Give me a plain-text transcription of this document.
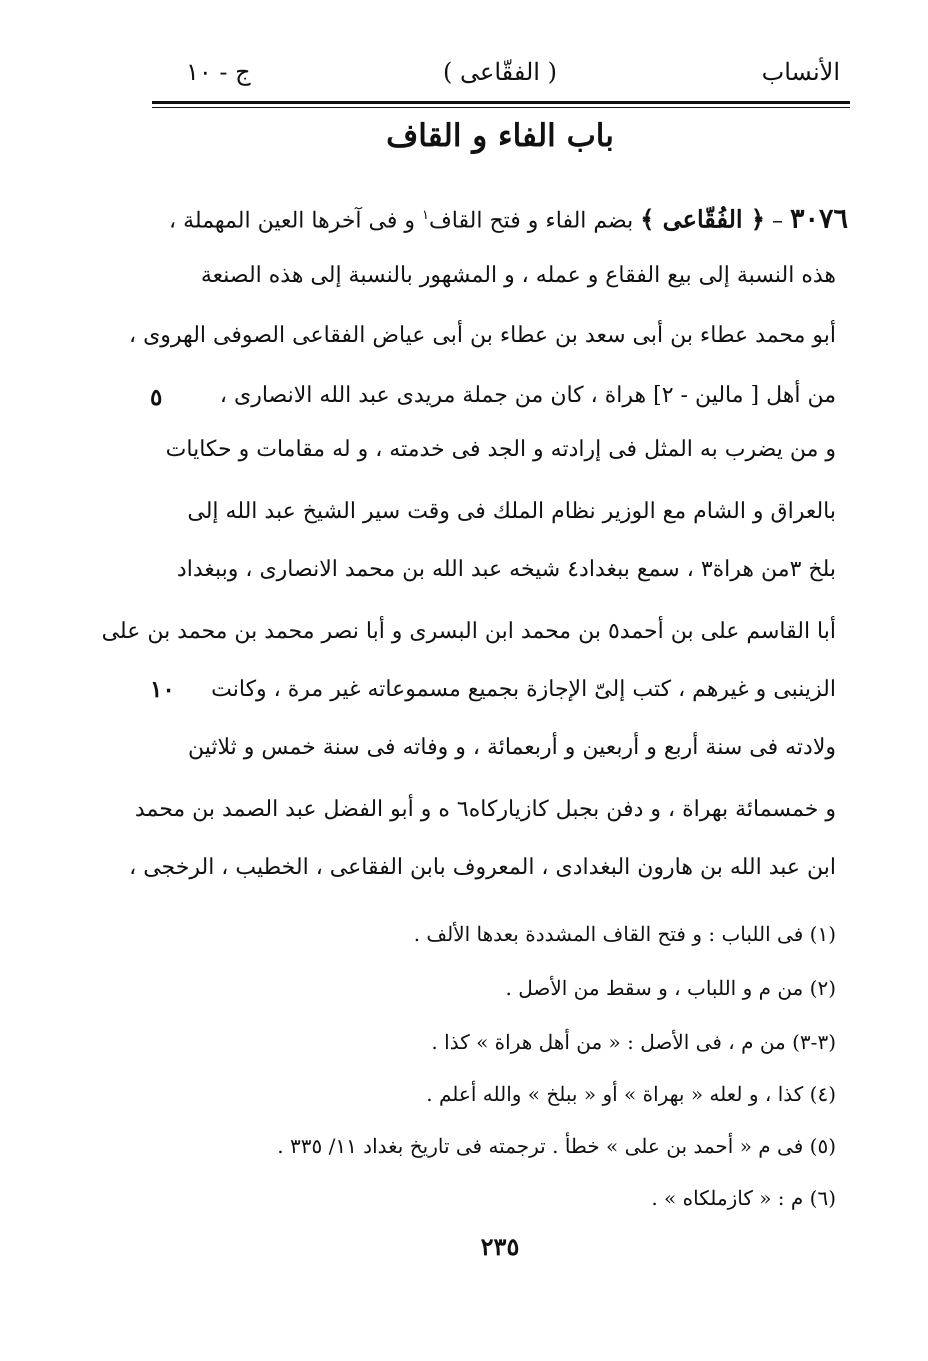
الأنساب
( الفقّاعى )
ج - ١٠
باب الفاء و القاف
٣٠٧٦ – ﴿ الفُقّاعى ﴾ بضم الفاء و فتح القاف$^١$ و فى آخرها العين المهملة ،
هذه النسبة إلى بيع الفقاع و عمله ، و المشهور بالنسبة إلى هذه الصنعة
أبو محمد عطاء بن أبى سعد بن عطاء بن أبى عياض الفقاعى الصوفى الهروى ،
من أهل [ مالين - ٢] هراة ، كان من جملة مريدى عبد الله الانصارى ،
و من يضرب به المثل فى إرادته و الجد فى خدمته ، و له مقامات و حكايات
بالعراق و الشام مع الوزير نظام الملك فى وقت سير الشيخ عبد الله إلى
بلخ ٣من هراة٣ ، سمع ببغداد٤ شيخه عبد الله بن محمد الانصارى ، وببغداد
أبا القاسم على بن أحمد٥ بن محمد ابن البسرى و أبا نصر محمد بن محمد بن على
الزينبى و غيرهم ، كتب إلىّ الإجازة بجميع مسموعاته غير مرة ، وكانت
ولادته فى سنة أربع و أربعين و أربعمائة ، و وفاته فى سنة خمس و ثلاثين
و خمسمائة بهراة ، و دفن بجبل كازياركاه٦ ه و أبو الفضل عبد الصمد بن محمد
ابن عبد الله بن هارون البغدادى ، المعروف بابن الفقاعى ، الخطيب ، الرخجى ،
٥
١٠
(١) فى اللباب : و فتح القاف المشددة بعدها الألف .
(٢) من م و اللباب ، و سقط من الأصل .
(٣-٣) من م ، فى الأصل : « من أهل هراة » كذا .
(٤) كذا ، و لعله « بهراة » أو « ببلخ » والله أعلم .
(٥) فى م « أحمد بن على » خطأ . ترجمته فى تاريخ بغداد ١١/ ٣٣٥ .
(٦) م : « كازملكاه » .
٢٣٥
